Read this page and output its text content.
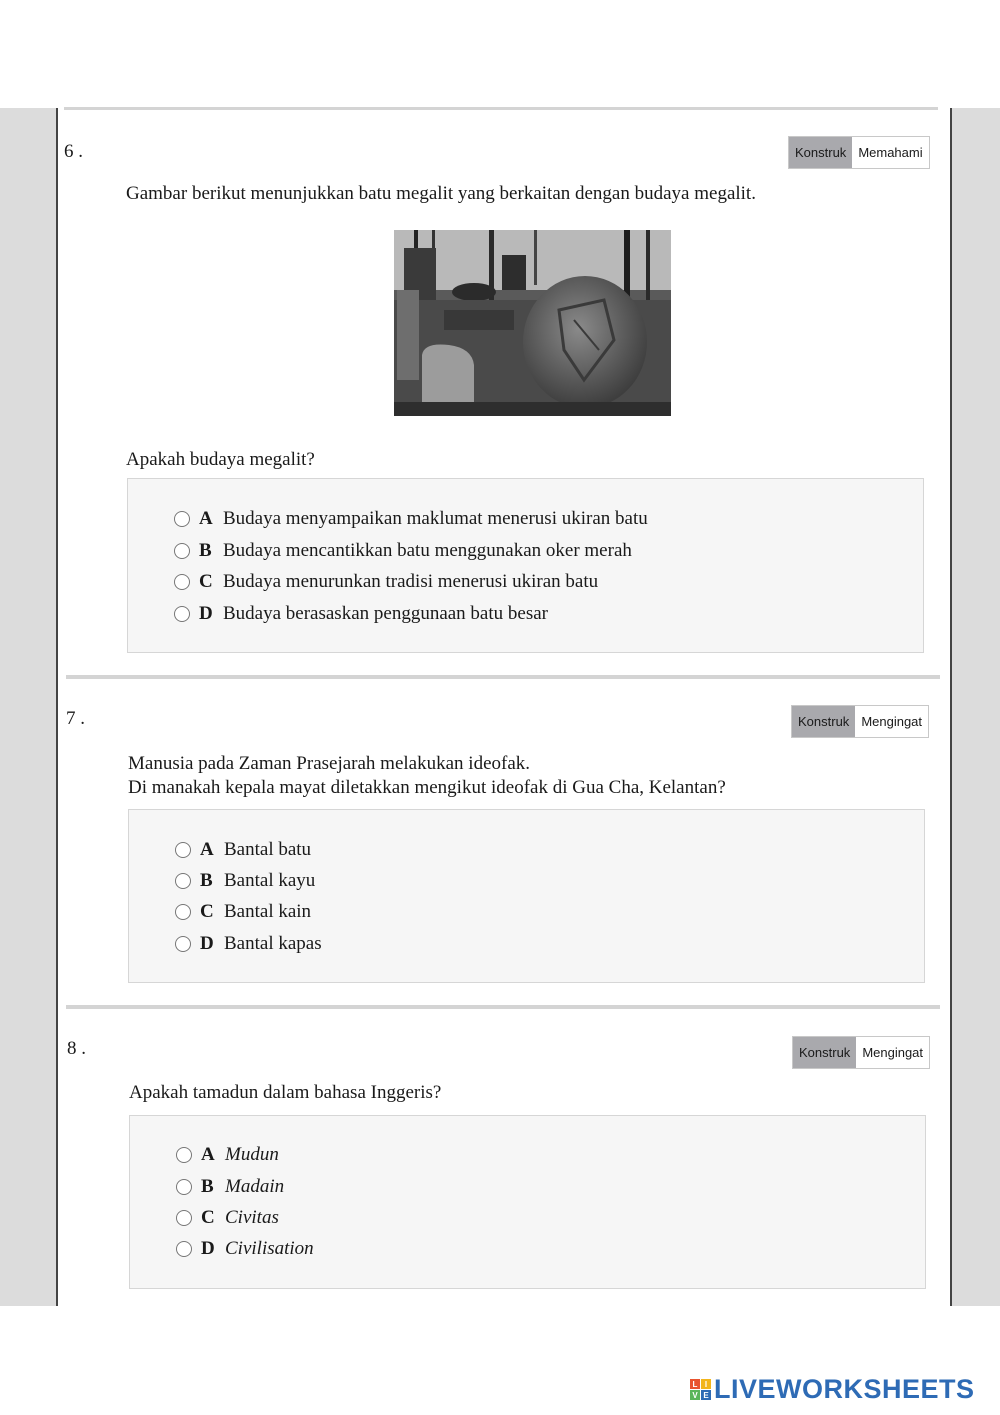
6 .	Konstruk Memahami
Gambar berikut menunjukkan batu megalit yang berkaitan dengan budaya megalit.
Apakah budaya megalit?
A Budaya menyampaikan maklumat menerusi ukiran batu
B Budaya mencantikkan batu menggunakan oker merah
C Budaya menurunkan tradisi menerusi ukiran batu
D Budaya berasaskan penggunaan batu besar
7 .	Konstruk Mengingat
Manusia pada Zaman Prasejarah melakukan ideofak.
Di manakah kepala mayat diletakkan mengikut ideofak di Gua Cha, Kelantan?
A Bantal batu
B Bantal kayu
C Bantal kain
D Bantal kapas
8 .	Konstruk Mengingat
Apakah tamadun dalam bahasa Inggeris?
A Mudun
B Madain
C Civitas
D Civilisation
L I
V E LIVEWORKSHEETS
